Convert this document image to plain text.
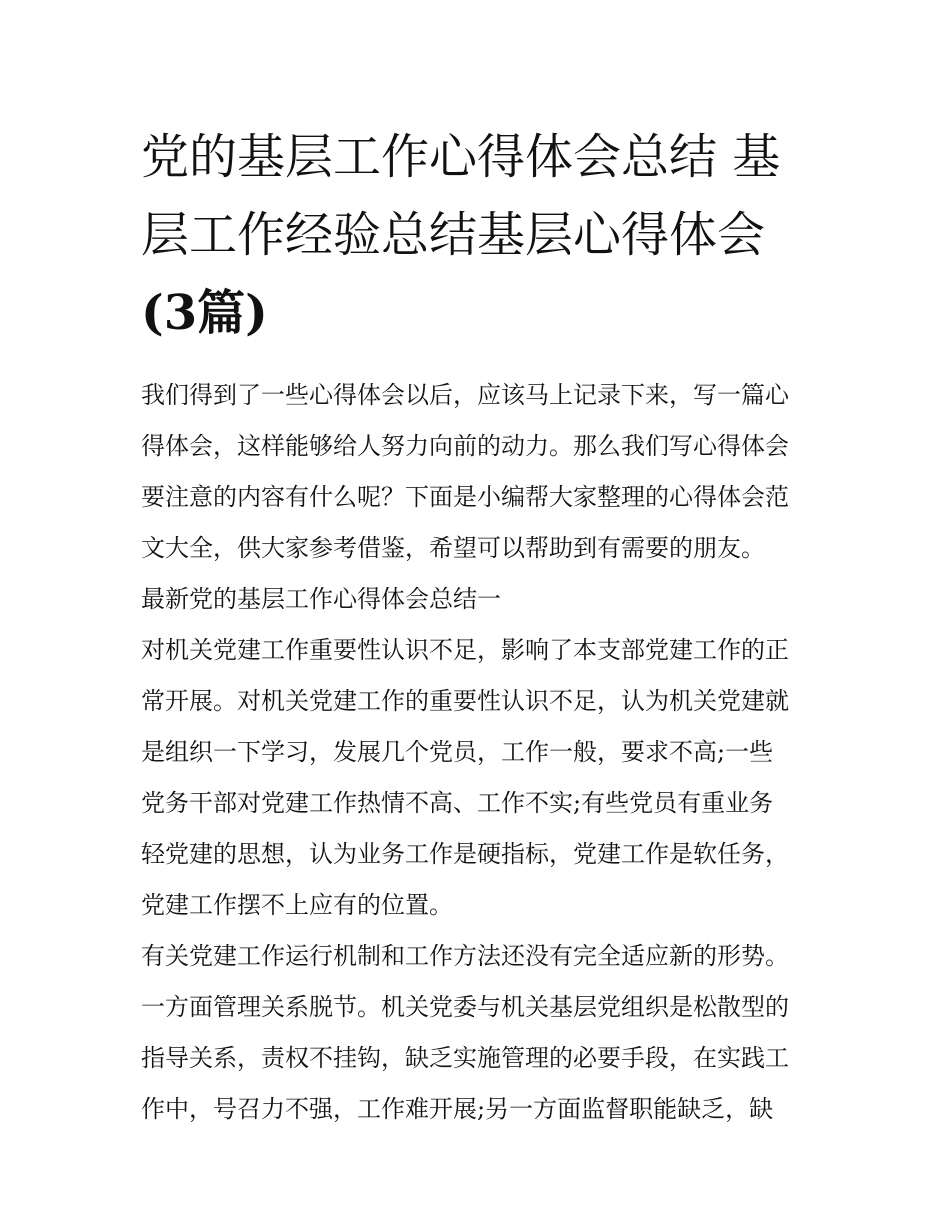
党的基层工作心得体会总结 基
层工作经验总结基层心得体会
(3篇)
我们得到了一些心得体会以后，应该马上记录下来，写一篇心
得体会，这样能够给人努力向前的动力。那么我们写心得体会
要注意的内容有什么呢？下面是小编帮大家整理的心得体会范
文大全，供大家参考借鉴，希望可以帮助到有需要的朋友。
最新党的基层工作心得体会总结一
对机关党建工作重要性认识不足，影响了本支部党建工作的正
常开展。对机关党建工作的重要性认识不足，认为机关党建就
是组织一下学习，发展几个党员，工作一般，要求不高;一些
党务干部对党建工作热情不高、工作不实;有些党员有重业务
轻党建的思想，认为业务工作是硬指标，党建工作是软任务，
党建工作摆不上应有的位置。
有关党建工作运行机制和工作方法还没有完全适应新的形势。
一方面管理关系脱节。机关党委与机关基层党组织是松散型的
指导关系，责权不挂钩，缺乏实施管理的必要手段，在实践工
作中，号召力不强，工作难开展;另一方面监督职能缺乏，缺
